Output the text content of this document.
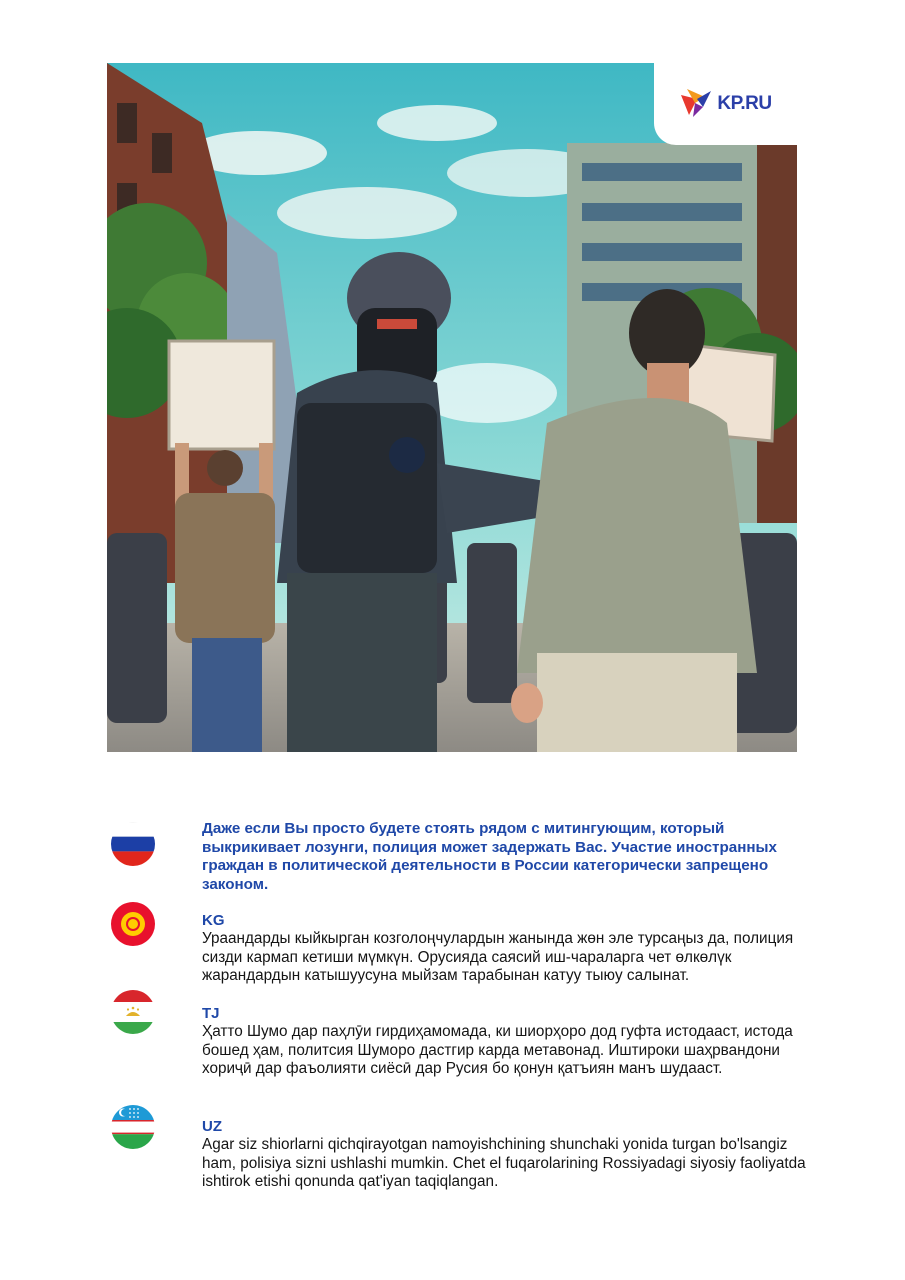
KP.RU
Даже если Вы просто будете стоять рядом с митингующим, который выкрикивает лозунги, полиция может задержать Вас. Участие иностранных граждан в политической деятельности в России категорически запрещено законом.
KG
Ураандарды кыйкырган козголоңчулардын жанында жөн эле турсаңыз да, полиция сизди кармап кетиши мүмкүн. Орусияда саясий иш-чараларга чет өлкөлүк жарандардын катышуусуна мыйзам тарабынан катуу тыюу салынат.
TJ
Ҳатто Шумо дар паҳлӯи гирдиҳамомада, ки шиорҳоро дод гуфта истодааст, истода бошед ҳам, политсия Шуморо дастгир карда метавонад. Иштироки шаҳрвандони хориҷӣ дар фаъолияти сиёсӣ дар Русия бо қонун қатъиян манъ шудааст.
UZ
Agar siz shiorlarni qichqirayotgan namoyishchining shunchaki yonida turgan bo'lsangiz ham, polisiya sizni ushlashi mumkin. Chet el fuqarolarining Rossiyadagi siyosiy faoliyatda ishtirok etishi qonunda qat'iyan taqiqlangan.
